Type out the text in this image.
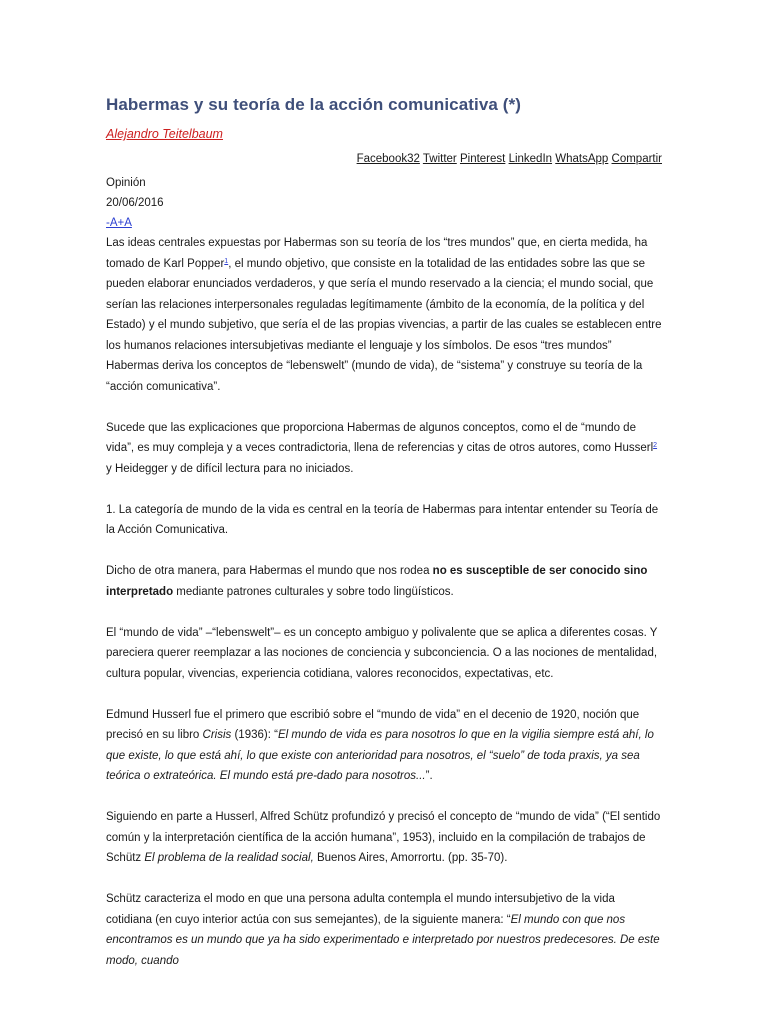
Habermas y su teoría de la acción comunicativa (*)
Alejandro Teitelbaum
Facebook32 Twitter Pinterest LinkedIn WhatsApp Compartir
Opinión
20/06/2016
-A+A

Las ideas centrales expuestas por Habermas son su teoría de los “tres mundos” que, en cierta medida, ha tomado de Karl Popper$^1$, el mundo objetivo, que consiste en la totalidad de las entidades sobre las que se pueden elaborar enunciados verdaderos, y que sería el mundo reservado a la ciencia; el mundo social, que serían las relaciones interpersonales reguladas legítimamente (ámbito de la economía, de la política y del Estado) y el mundo subjetivo, que sería el de las propias vivencias, a partir de las cuales se establecen entre los humanos relaciones intersubjetivas mediante el lenguaje y los símbolos. De esos “tres mundos” Habermas deriva los conceptos de “lebenswelt” (mundo de vida), de “sistema” y construye su teoría de la “acción comunicativa”.

Sucede que las explicaciones que proporciona Habermas de algunos conceptos, como el de “mundo de vida”, es muy compleja y a veces contradictoria, llena de referencias y citas de otros autores, como Husserl$^2$ y Heidegger y de difícil lectura para no iniciados.

1. La categoría de mundo de la vida es central en la teoría de Habermas para intentar entender su Teoría de la Acción Comunicativa.

Dicho de otra manera, para Habermas el mundo que nos rodea no es susceptible de ser conocido sino interpretado mediante patrones culturales y sobre todo lingüísticos.

El “mundo de vida” –“lebenswelt”– es un concepto ambiguo y polivalente que se aplica a diferentes cosas. Y pareciera querer reemplazar a las nociones de conciencia y subconciencia. O a las nociones de mentalidad, cultura popular, vivencias, experiencia cotidiana, valores reconocidos, expectativas, etc.

Edmund Husserl fue el primero que escribió sobre el “mundo de vida” en el decenio de 1920, noción que precisó en su libro Crisis (1936): “El mundo de vida es para nosotros lo que en la vigilia siempre está ahí, lo que existe, lo que está ahí, lo que existe con anterioridad para nosotros, el “suelo” de toda praxis, ya sea teórica o extrateórica. El mundo está pre-dado para nosotros...”.

Siguiendo en parte a Husserl, Alfred Schütz profundizó y precisó el concepto de “mundo de vida” (“El sentido común y la interpretación científica de la acción humana”, 1953), incluido en la compilación de trabajos de Schütz El problema de la realidad social, Buenos Aires, Amorrortu. (pp. 35-70).

Schütz caracteriza el modo en que una persona adulta contempla el mundo intersubjetivo de la vida cotidiana (en cuyo interior actúa con sus semejantes), de la siguiente manera: “El mundo con que nos encontramos es un mundo que ya ha sido experimentado e interpretado por nuestros predecesores. De este modo, cuando
